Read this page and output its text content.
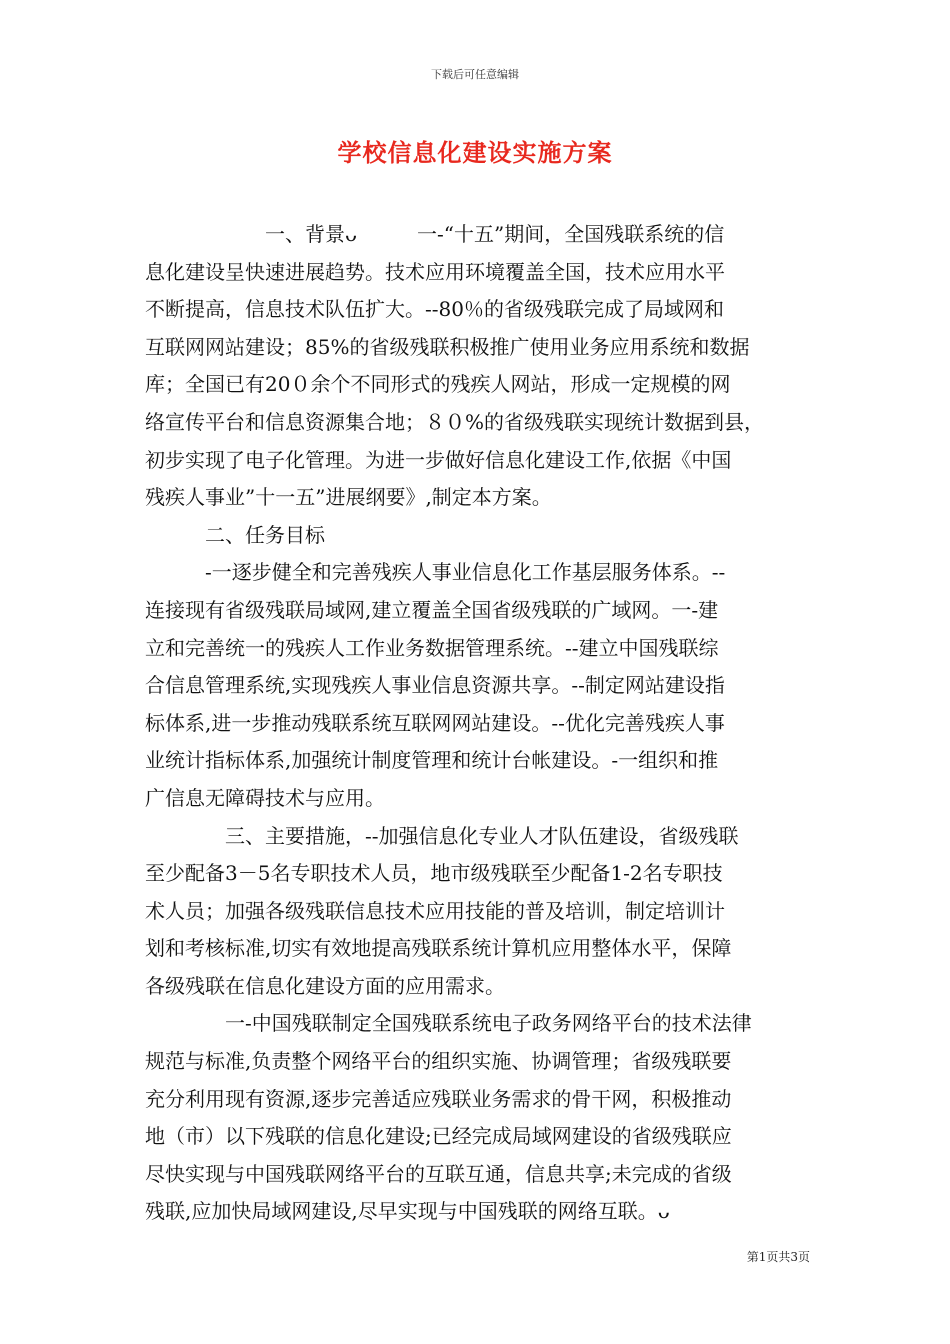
下载后可任意编辑
学校信息化建设实施方案
　　　　　　一、背景ᴗ　　　一-“十五”期间，全国残联系统的信
息化建设呈快速进展趋势。技术应用环境覆盖全国，技术应用水平
不断提高，信息技术队伍扩大。--80％的省级残联完成了局域网和
互联网网站建设；85%的省级残联积极推广使用业务应用系统和数据
库；全国已有20０余个不同形式的残疾人网站，形成一定规模的网
络宣传平台和信息资源集合地；８０%的省级残联实现统计数据到县，
初步实现了电子化管理。为进一步做好信息化建设工作,依据《中国
残疾人事业”十一五”进展纲要》,制定本方案。
　　　二、任务目标
　　　-一逐步健全和完善残疾人事业信息化工作基层服务体系。--
连接现有省级残联局域网,建立覆盖全国省级残联的广域网。一-建
立和完善统一的残疾人工作业务数据管理系统。--建立中国残联综
合信息管理系统,实现残疾人事业信息资源共享。--制定网站建设指
标体系,进一步推动残联系统互联网网站建设。--优化完善残疾人事
业统计指标体系,加强统计制度管理和统计台帐建设。-一组织和推
广信息无障碍技术与应用。
　　　　三、主要措施，--加强信息化专业人才队伍建设，省级残联
至少配备3－5名专职技术人员，地市级残联至少配备1-2名专职技
术人员；加强各级残联信息技术应用技能的普及培训，制定培训计
划和考核标准,切实有效地提高残联系统计算机应用整体水平，保障
各级残联在信息化建设方面的应用需求。
　　　　一-中国残联制定全国残联系统电子政务网络平台的技术法律
规范与标准,负责整个网络平台的组织实施、协调管理；省级残联要
充分利用现有资源,逐步完善适应残联业务需求的骨干网，积极推动
地（市）以下残联的信息化建设;已经完成局域网建设的省级残联应
尽快实现与中国残联网络平台的互联互通，信息共享;未完成的省级
残联,应加快局域网建设,尽早实现与中国残联的网络互联。ᴗ
第1页共3页
